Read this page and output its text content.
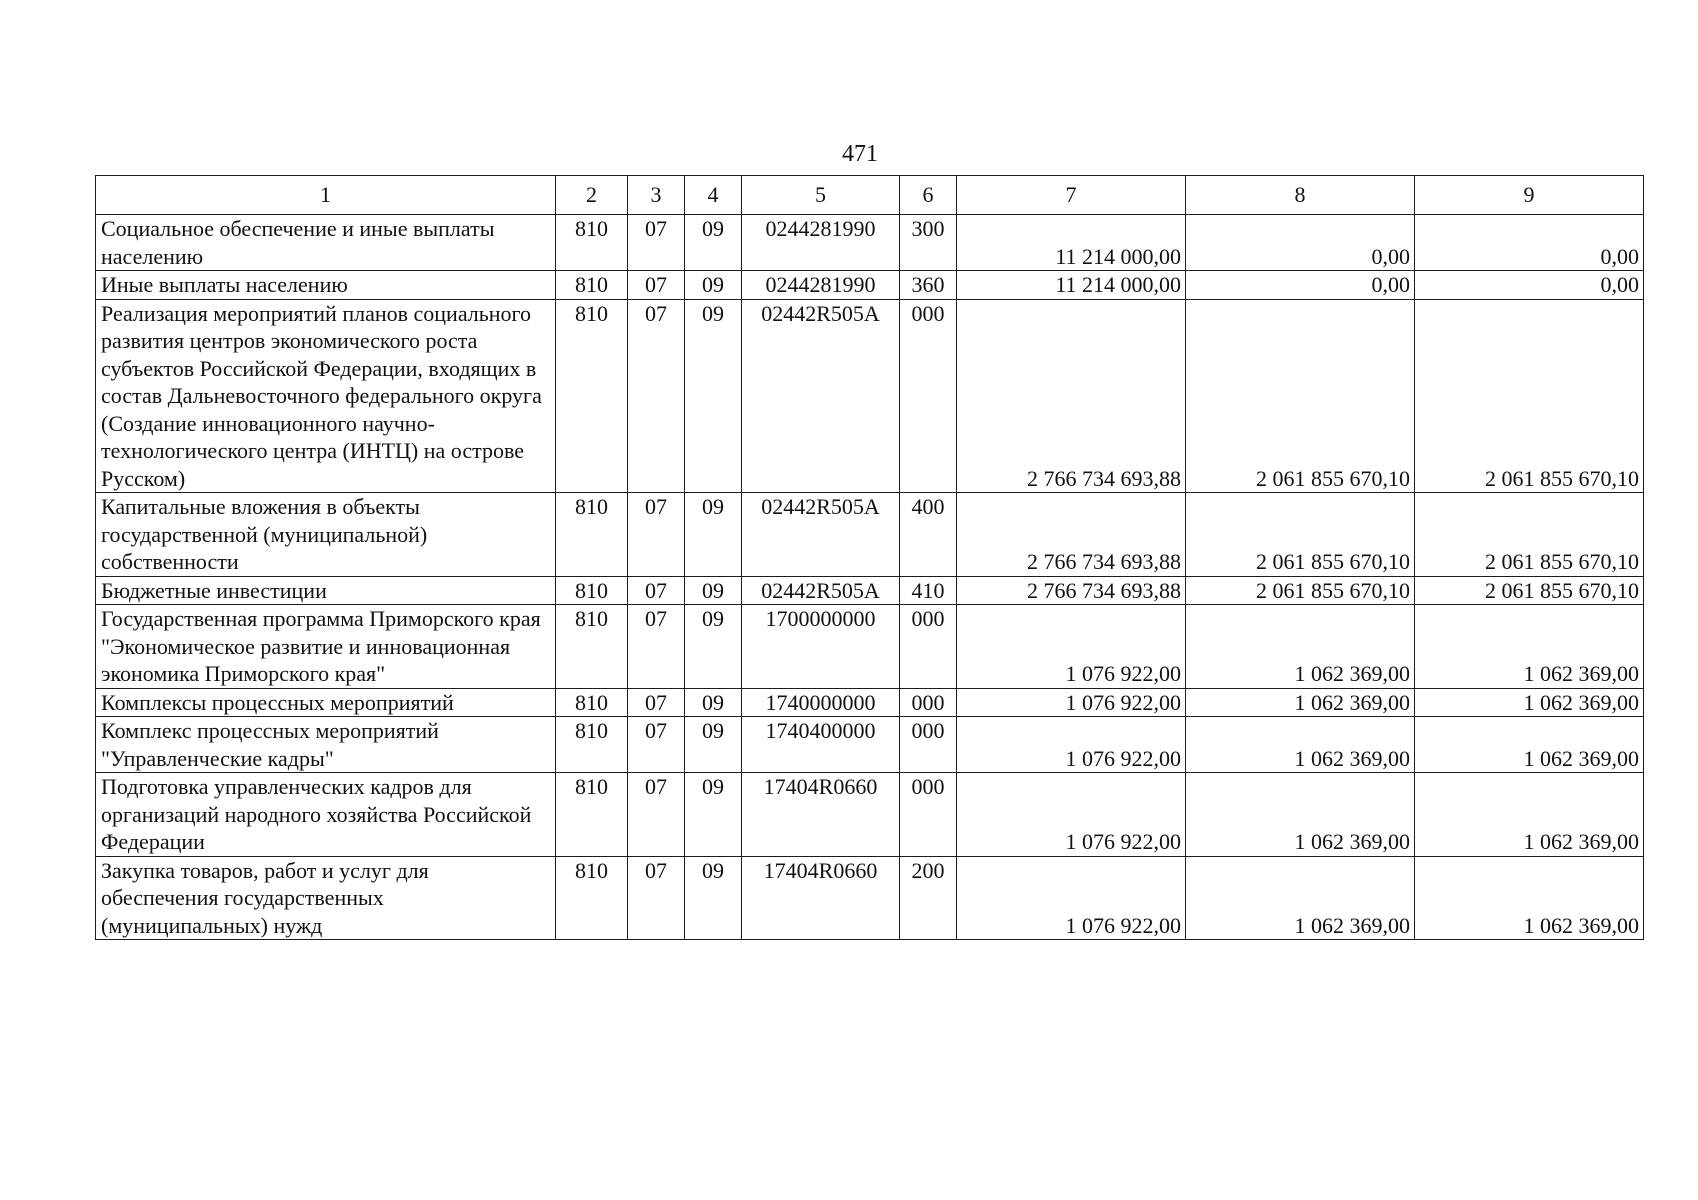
471
1	2	3	4	5	6	7	8	9
Социальное обеспечение и иные выплаты населению	810	07	09	0244281990	300	11 214 000,00	0,00	0,00
Иные выплаты населению	810	07	09	0244281990	360	11 214 000,00	0,00	0,00
Реализация мероприятий планов социального развития центров экономического роста субъектов Российской Федерации, входящих в состав Дальневосточного федерального округа (Создание инновационного научно-технологического центра (ИНТЦ) на острове Русском)	810	07	09	02442R505A	000	2 766 734 693,88	2 061 855 670,10	2 061 855 670,10
Капитальные вложения в объекты государственной (муниципальной) собственности	810	07	09	02442R505A	400	2 766 734 693,88	2 061 855 670,10	2 061 855 670,10
Бюджетные инвестиции	810	07	09	02442R505A	410	2 766 734 693,88	2 061 855 670,10	2 061 855 670,10
Государственная программа Приморского края "Экономическое развитие и инновационная экономика Приморского края"	810	07	09	1700000000	000	1 076 922,00	1 062 369,00	1 062 369,00
Комплексы процессных мероприятий	810	07	09	1740000000	000	1 076 922,00	1 062 369,00	1 062 369,00
Комплекс процессных мероприятий "Управленческие кадры"	810	07	09	1740400000	000	1 076 922,00	1 062 369,00	1 062 369,00
Подготовка управленческих кадров для организаций народного хозяйства Российской Федерации	810	07	09	17404R0660	000	1 076 922,00	1 062 369,00	1 062 369,00
Закупка товаров, работ и услуг для обеспечения государственных (муниципальных) нужд	810	07	09	17404R0660	200	1 076 922,00	1 062 369,00	1 062 369,00
